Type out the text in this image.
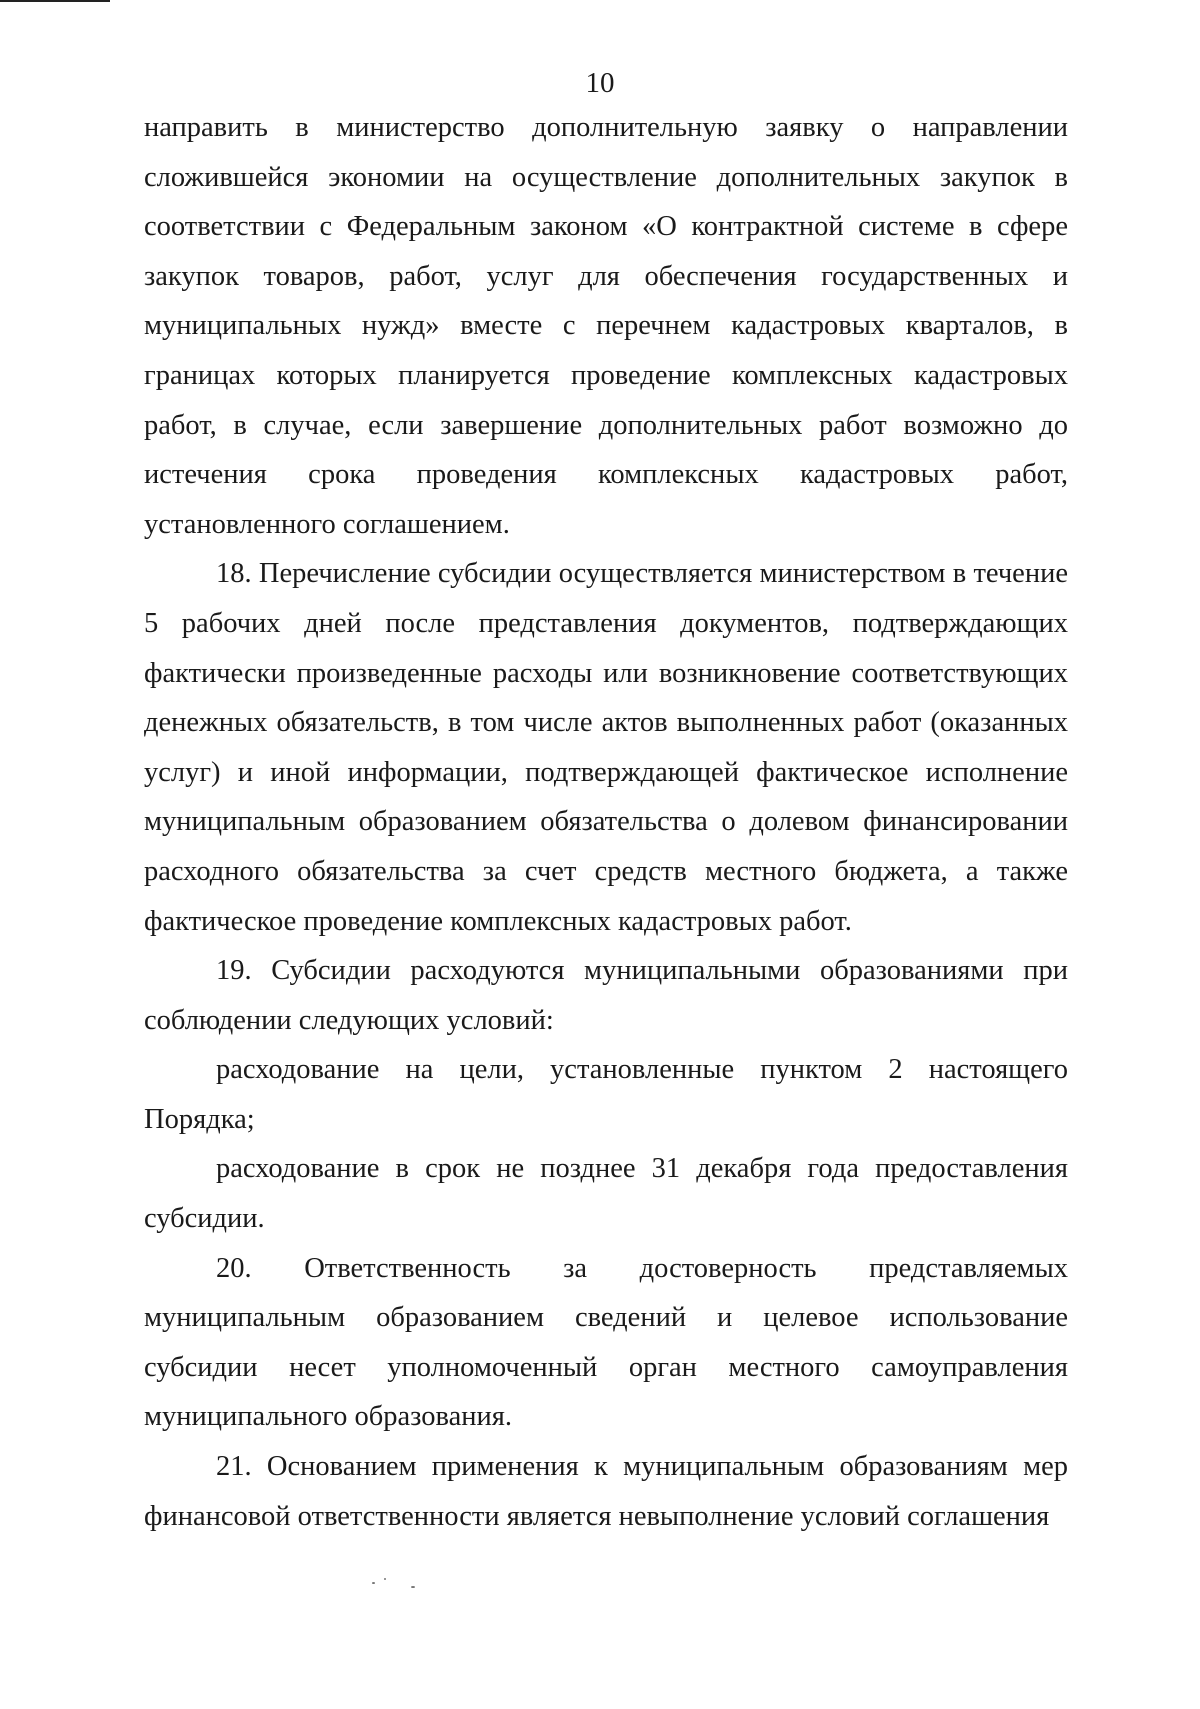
10

направить в министерство дополнительную заявку о направлении сложившейся экономии на осуществление дополнительных закупок в соответствии с Федеральным законом «О контрактной системе в сфере закупок товаров, работ, услуг для обеспечения государственных и муниципальных нужд» вместе с перечнем кадастровых кварталов, в границах которых планируется проведение комплексных кадастровых работ, в случае, если завершение дополнительных работ возможно до истечения срока проведения комплексных кадастровых работ, установленного соглашением.

18. Перечисление субсидии осуществляется министерством в течение 5 рабочих дней после представления документов, подтверждающих фактически произведенные расходы или возникновение соответствующих денежных обязательств, в том числе актов выполненных работ (оказанных услуг) и иной информации, подтверждающей фактическое исполнение муниципальным образованием обязательства о долевом финансировании расходного обязательства за счет средств местного бюджета, а также фактическое проведение комплексных кадастровых работ.

19. Субсидии расходуются муниципальными образованиями при соблюдении следующих условий:

расходование на цели, установленные пунктом 2 настоящего Порядка;

расходование в срок не позднее 31 декабря года предоставления субсидии.

20. Ответственность за достоверность представляемых муниципальным образованием сведений и целевое использование субсидии несет уполномоченный орган местного самоуправления муниципального образования.

21. Основанием применения к муниципальным образованиям мер финансовой ответственности является невыполнение условий соглашения
